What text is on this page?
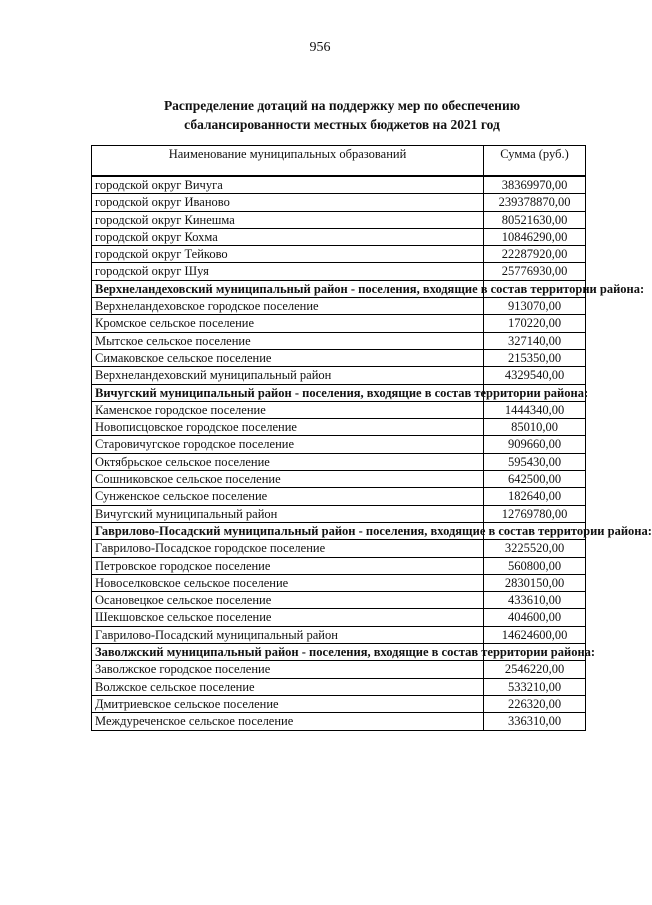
956
Распределение дотаций на поддержку мер по обеспечению
сбалансированности местных бюджетов на 2021 год
Наименование муниципальных образований	Сумма (руб.)
городской округ Вичуга	38369970,00
городской округ Иваново	239378870,00
городской округ Кинешма	80521630,00
городской округ Кохма	10846290,00
городской округ Тейково	22287920,00
городской округ Шуя	25776930,00
Верхнеландеховский муниципальный район - поселения, входящие в состав территории района:	
Верхнеландеховское городское поселение	913070,00
Кромское сельское поселение	170220,00
Мытское сельское поселение	327140,00
Симаковское сельское поселение	215350,00
Верхнеландеховский муниципальный район	4329540,00
Вичугский муниципальный район - поселения, входящие в состав территории района:	
Каменское городское поселение	1444340,00
Новописцовское городское поселение	85010,00
Старовичугское городское поселение	909660,00
Октябрьское сельское поселение	595430,00
Сошниковское сельское поселение	642500,00
Сунженское сельское поселение	182640,00
Вичугский муниципальный район	12769780,00
Гаврилово-Посадский муниципальный район - поселения, входящие в состав территории района:	
Гаврилово-Посадское городское поселение	3225520,00
Петровское городское поселение	560800,00
Новоселковское сельское поселение	2830150,00
Осановецкое сельское поселение	433610,00
Шекшовское сельское поселение	404600,00
Гаврилово-Посадский муниципальный район	14624600,00
Заволжский муниципальный район - поселения, входящие в состав территории района:	
Заволжское городское поселение	2546220,00
Волжское сельское поселение	533210,00
Дмитриевское сельское поселение	226320,00
Междуреченское сельское поселение	336310,00
